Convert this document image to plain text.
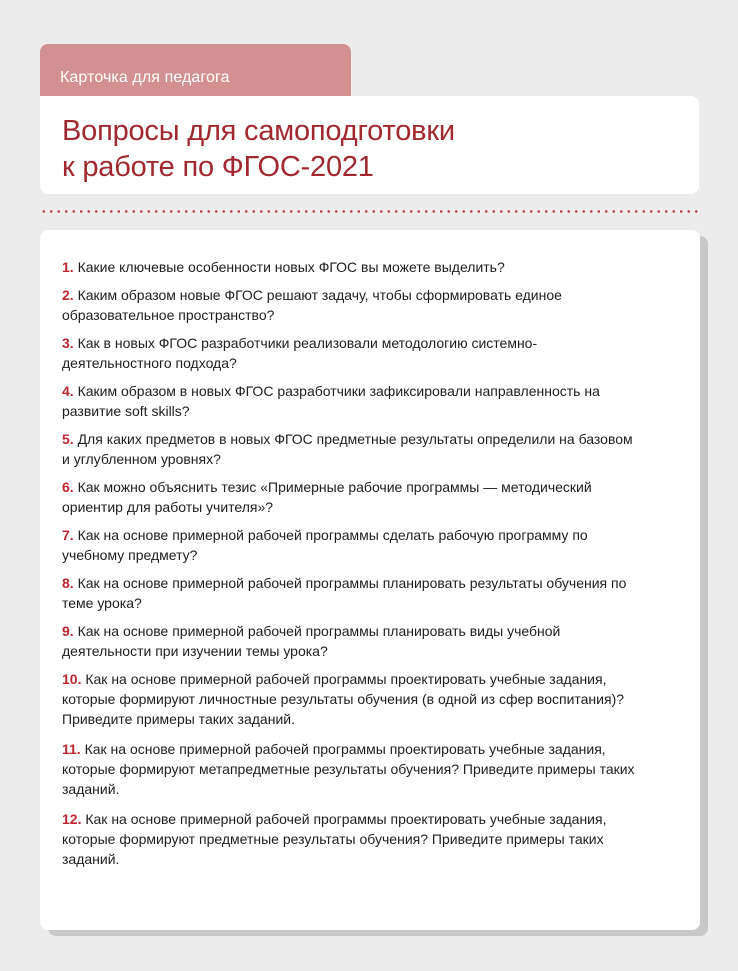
Карточка для педагога
Вопросы для самоподготовки
к работе по ФГОС-2021
1. Какие ключевые особенности новых ФГОС вы можете выделить?
2. Каким образом новые ФГОС решают задачу, чтобы сформировать единое
образовательное пространство?
3. Как в новых ФГОС разработчики реализовали методологию системно-
деятельностного подхода?
4. Каким образом в новых ФГОС разработчики зафиксировали направленность на
развитие soft skills?
5. Для каких предметов в новых ФГОС предметные результаты определили на базовом
и углубленном уровнях?
6. Как можно объяснить тезис «Примерные рабочие программы — методический
ориентир для работы учителя»?
7. Как на основе примерной рабочей программы сделать рабочую программу по
учебному предмету?
8. Как на основе примерной рабочей программы планировать результаты обучения по
теме урока?
9. Как на основе примерной рабочей программы планировать виды учебной
деятельности при изучении темы урока?
10. Как на основе примерной рабочей программы проектировать учебные задания,
которые формируют личностные результаты обучения (в одной из сфер воспитания)?
Приведите примеры таких заданий.
11. Как на основе примерной рабочей программы проектировать учебные задания,
которые формируют метапредметные результаты обучения? Приведите примеры таких
заданий.
12. Как на основе примерной рабочей программы проектировать учебные задания,
которые формируют предметные результаты обучения? Приведите примеры таких
заданий.
